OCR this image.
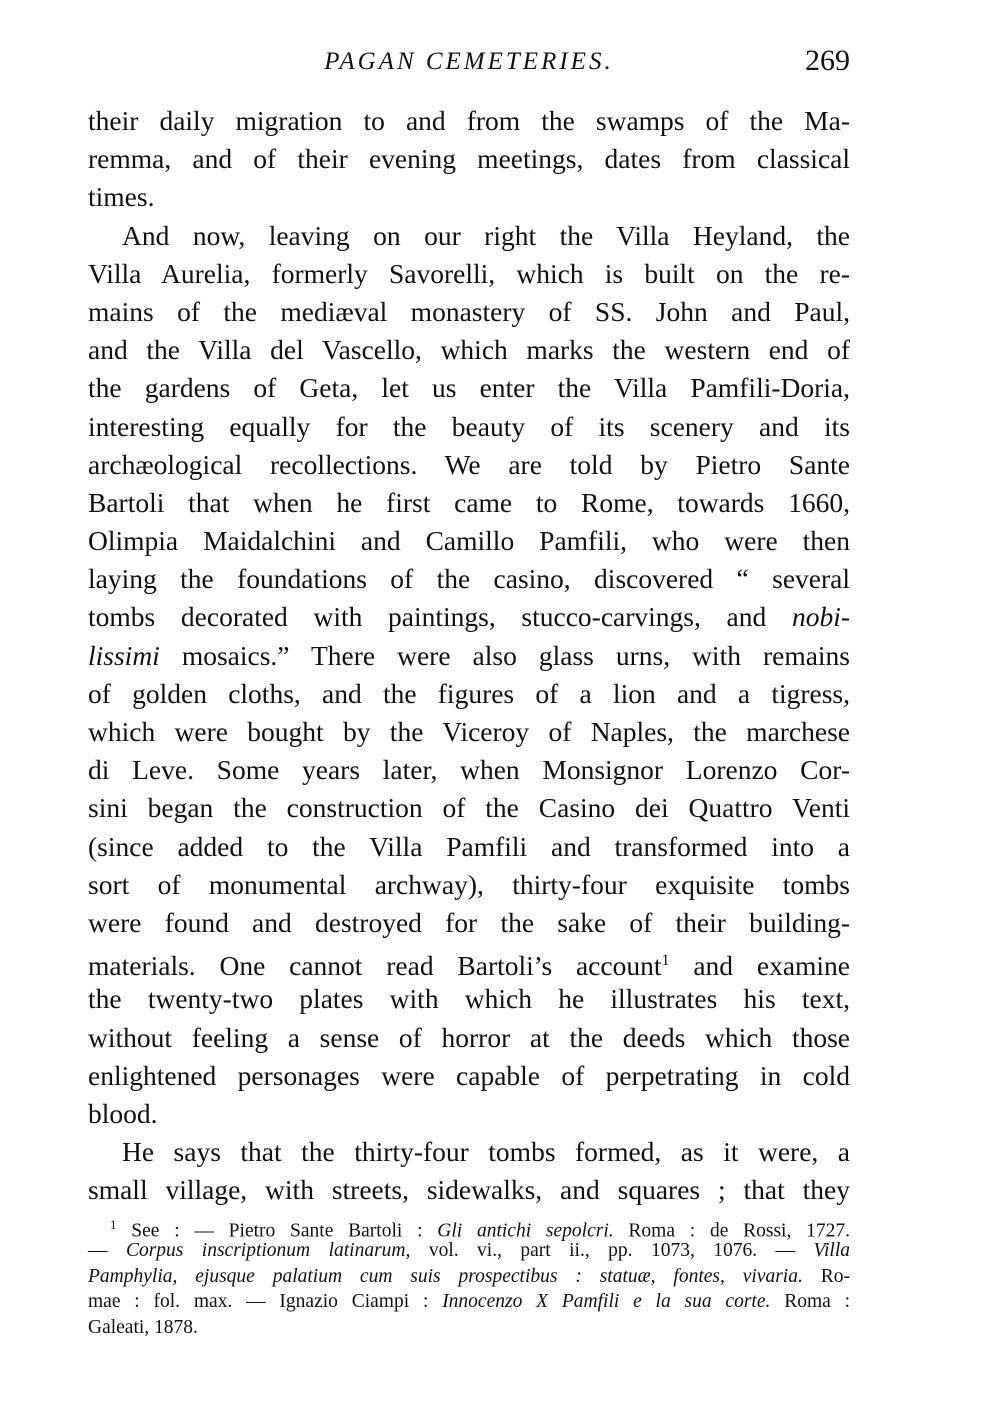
PAGAN CEMETERIES.	269
their daily migration to and from the swamps of the Ma-
remma, and of their evening meetings, dates from classical
times.
And now, leaving on our right the Villa Heyland, the
Villa Aurelia, formerly Savorelli, which is built on the re-
mains of the mediæval monastery of SS. John and Paul,
and the Villa del Vascello, which marks the western end of
the gardens of Geta, let us enter the Villa Pamfili-Doria,
interesting equally for the beauty of its scenery and its
archæological recollections. We are told by Pietro Sante
Bartoli that when he first came to Rome, towards 1660,
Olimpia Maidalchini and Camillo Pamfili, who were then
laying the foundations of the casino, discovered “ several
tombs decorated with paintings, stucco-carvings, and nobi-
lissimi mosaics.” There were also glass urns, with remains
of golden cloths, and the figures of a lion and a tigress,
which were bought by the Viceroy of Naples, the marchese
di Leve. Some years later, when Monsignor Lorenzo Cor-
sini began the construction of the Casino dei Quattro Venti
(since added to the Villa Pamfili and transformed into a
sort of monumental archway), thirty-four exquisite tombs
were found and destroyed for the sake of their building-
materials. One cannot read Bartoli’s account$^1$ and examine
the twenty-two plates with which he illustrates his text,
without feeling a sense of horror at the deeds which those
enlightened personages were capable of perpetrating in cold
blood.
He says that the thirty-four tombs formed, as it were, a
small village, with streets, sidewalks, and squares ; that they
$^1$ See : — Pietro Sante Bartoli : Gli antichi sepolcri. Roma : de Rossi, 1727.
— Corpus inscriptionum latinarum, vol. vi., part ii., pp. 1073, 1076. — Villa
Pamphylia, ejusque palatium cum suis prospectibus : statuæ, fontes, vivaria. Ro-
mae : fol. max. — Ignazio Ciampi : Innocenzo X Pamfili e la sua corte. Roma :
Galeati, 1878.
